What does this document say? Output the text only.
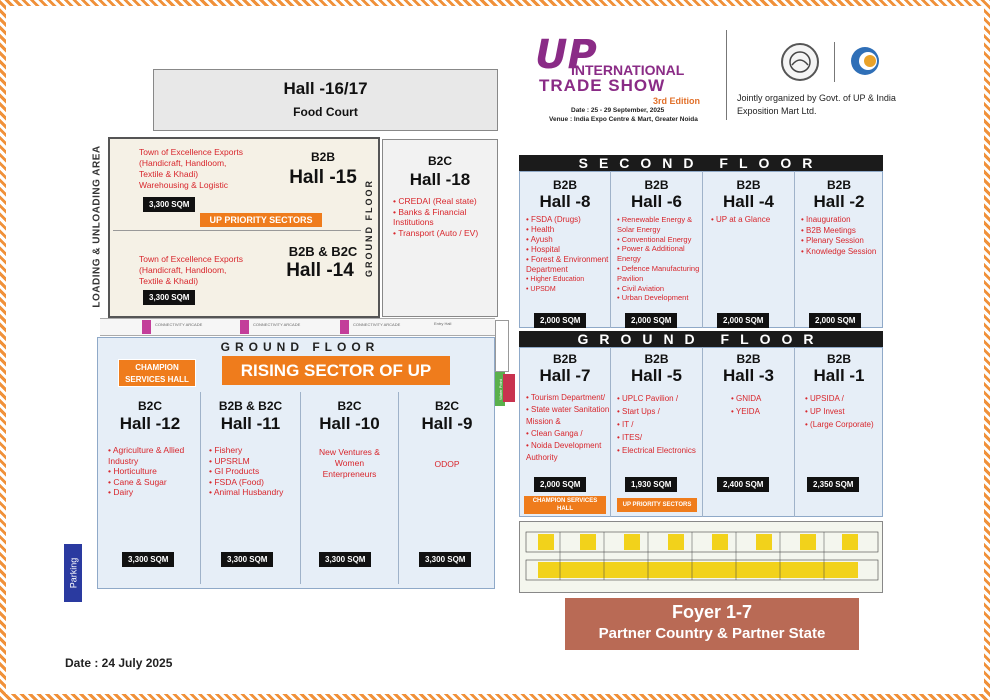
UP
INTERNATIONAL
TRADE SHOW
3rd Edition
Date : 25 - 29 September, 2025
Venue : India Expo Centre & Mart, Greater Noida
Jointly organized by Govt. of UP & India Exposition Mart Ltd.
Hall -16/17
Food Court
LOADING & UNLOADING AREA	Town of Excellence Exports
(Handicraft, Handloom,
Textile & Khadi)
Warehousing & Logistic
B2B
Hall -15
3,300 SQM
UP PRIORITY SECTORS
Town of Excellence Exports
(Handicraft, Handloom,
Textile & Khadi)
B2B & B2C
Hall -14
3,300 SQM
GROUND FLOOR
B2C
Hall -18
• CREDAI (Real state)
• Banks & Financial Institutions
• Transport (Auto / EV)
CONNECTIVITY ARCADE	CONNECTIVITY ARCADE	CONNECTIVITY ARCADE	Entry Hall
Water Point
GROUND FLOOR
CHAMPION SERVICES HALL	RISING SECTOR OF UP
B2C
Hall -12
• Agriculture & Allied Industry
• Horticulture
• Cane & Sugar
• Dairy
3,300 SQM
B2B & B2C
Hall -11
• Fishery
• UPSRLM
• GI Products
• FSDA (Food)
• Animal Husbandry
3,300 SQM
B2C
Hall -10
New Ventures &
Women
Enterpreneurs
3,300 SQM
B2C
Hall -9
ODOP
3,300 SQM
Parking
SECOND FLOOR
B2B
Hall -8
• FSDA (Drugs)
• Health
• Ayush
• Hospital
• Forest & Environment Department
• Higher Education
• UPSDM
2,000 SQM
B2B
Hall -6
• Renewable Energy & Solar Energy
• Conventional Energy
• Power & Additional Energy
• Defence Manufacturing Pavilion
• Civil Aviation
• Urban Development
2,000 SQM
B2B
Hall -4
• UP at a Glance
2,000 SQM
B2B
Hall -2
• Inauguration
• B2B Meetings
• Plenary Session
• Knowledge Session
2,000 SQM
GROUND FLOOR
B2B
Hall -7
• Tourism Department/
• State water Sanitation Mission &
• Clean Ganga /
• Noida Development Authority
2,000 SQM
CHAMPION SERVICES HALL
B2B
Hall -5
• UPLC Pavilion /
• Start Ups /
• IT /
• ITES/
• Electrical Electronics
1,930 SQM
UP PRIORITY SECTORS
B2B
Hall -3
• GNIDA
• YEIDA
2,400 SQM
B2B
Hall -1
• UPSIDA /
• UP Invest
• (Large Corporate)
2,350 SQM
Foyer 1-7
Partner Country & Partner State
Date : 24 July 2025
